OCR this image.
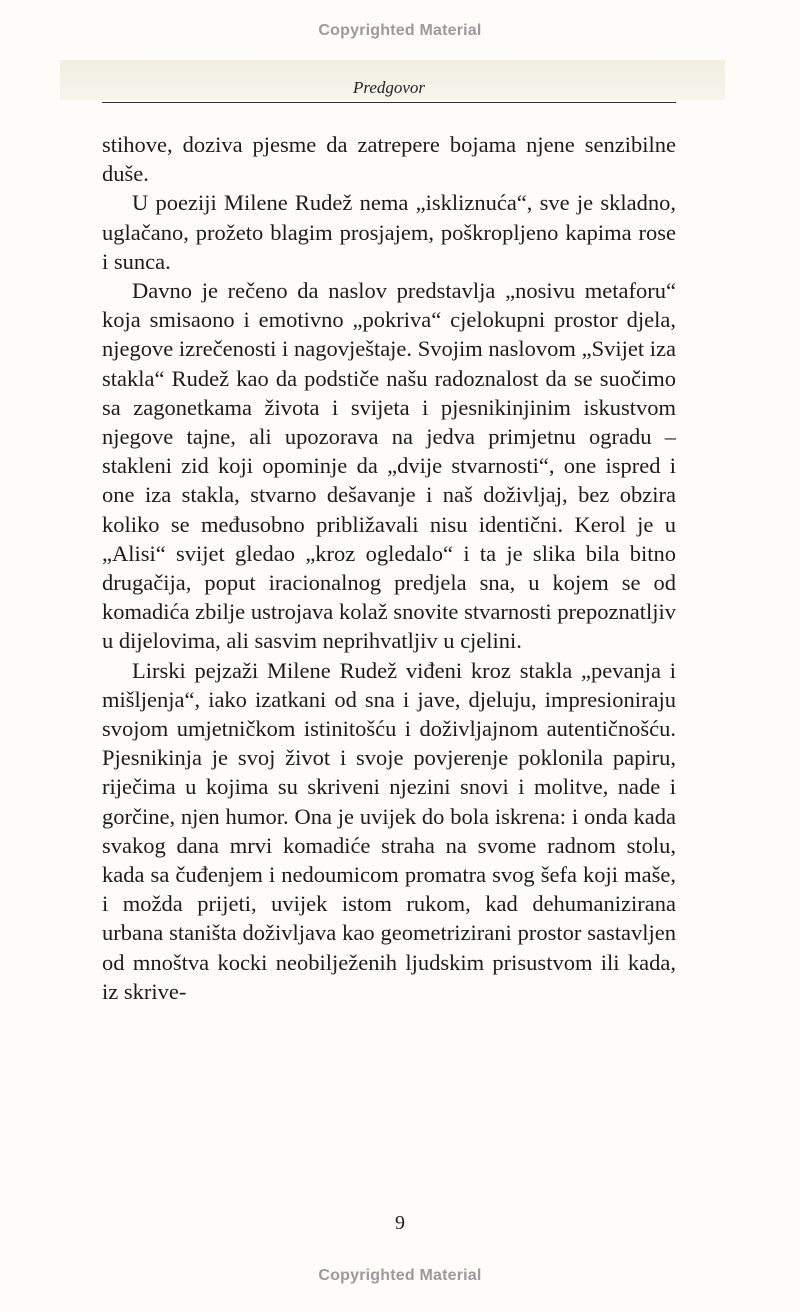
Copyrighted Material
Predgovor

stihove, doziva pjesme da zatrepere bojama njene senzibilne duše.

U poeziji Milene Rudež nema „iskliznuća“, sve je skladno, uglačano, prožeto blagim prosjajem, poškropljeno kapima rose i sunca.

Davno je rečeno da naslov predstavlja „nosivu metaforu“ koja smisaono i emotivno „pokriva“ cjelokupni prostor djela, njegove izrečenosti i nagovještaje. Svojim naslovom „Svijet iza stakla“ Rudež kao da podstiče našu radoznalost da se suočimo sa zagonetkama života i svijeta i pjesnikinjinim iskustvom njegove tajne, ali upozorava na jedva primjetnu ogradu – stakleni zid koji opominje da „dvije stvarnosti“, one ispred i one iza stakla, stvarno dešavanje i naš doživljaj, bez obzira koliko se međusobno približavali nisu identični. Kerol je u „Alisi“ svijet gledao „kroz ogledalo“ i ta je slika bila bitno drugačija, poput iracionalnog predjela sna, u kojem se od komadića zbilje ustrojava kolaž snovite stvarnosti prepoznatljiv u dijelovima, ali sasvim neprihvatljiv u cjelini.

Lirski pejzaži Milene Rudež viđeni kroz stakla „pevanja i mišljenja“, iako izatkani od sna i jave, djeluju, impresioniraju svojom umjetničkom istinitošću i doživljajnom autentičnošću. Pjesnikinja je svoj život i svoje povjerenje poklonila papiru, riječima u kojima su skriveni njezini snovi i molitve, nade i gorčine, njen humor. Ona je uvijek do bola iskrena: i onda kada svakog dana mrvi komadiće straha na svome radnom stolu, kada sa čuđenjem i nedoumicom promatra svog šefa koji maše, i možda prijeti, uvijek istom rukom, kad dehumanizirana urbana staništa doživljava kao geometrizirani prostor sastavljen od mnoštva kocki neobilježenih ljudskim prisustvom ili kada, iz skrive-

9
Copyrighted Material
